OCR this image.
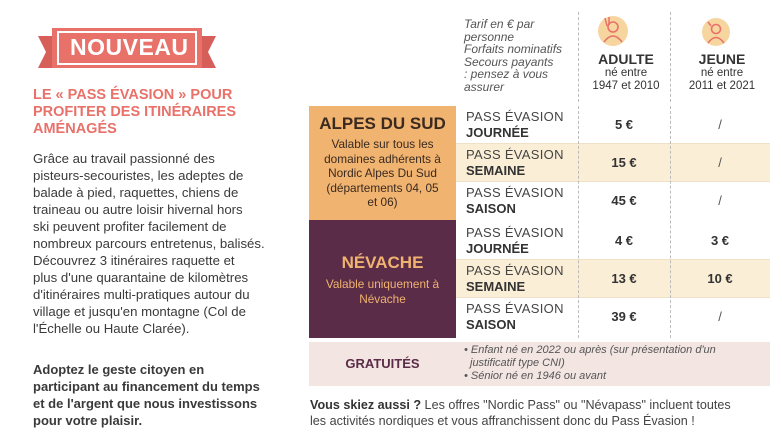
NOUVEAU
LE « PASS ÉVASION » POUR
PROFITER DES ITINÉRAIRES
AMÉNAGÉS
Grâce au travail passionné des
pisteurs-secouristes, les adeptes de
balade à pied, raquettes, chiens de
traineau ou autre loisir hivernal hors
ski peuvent profiter facilement de
nombreux parcours entretenus, balisés.
Découvrez 3 itinéraires raquette et
plus d'une quarantaine de kilomètres
d'itinéraires multi-pratiques autour du
village et jusqu'en montagne (Col de
l'Échelle ou Haute Clarée).
Adoptez le geste citoyen en
participant au financement du temps
et de l'argent que nous investissons
pour votre plaisir.
Tarif en € par
personne
Forfaits nominatifs
Secours payants
: pensez à vous
assurer
ADULTE
né entre
1947 et 2010
JEUNE
né entre
2011 et 2021
ALPES DU SUD
Valable sur tous les
domaines adhérents à
Nordic Alpes Du Sud
(départements 04, 05
et 06)
NÉVACHE
Valable uniquement à
Névache
PASS ÉVASION
JOURNÉE
5 €	/
PASS ÉVASION
SEMAINE
15 €	/
PASS ÉVASION
SAISON
45 €	/
PASS ÉVASION
JOURNÉE
4 €	3 €
PASS ÉVASION
SEMAINE
13 €	10 €
PASS ÉVASION
SAISON
39 €	/
GRATUITÉS
• Enfant né en 2022 ou après (sur présentation d'un
justificatif type CNI)
• Sénior né en 1946 ou avant
Vous skiez aussi ? Les offres "Nordic Pass" ou "Névapass" incluent toutes
les activités nordiques et vous affranchissent donc du Pass Évasion !
